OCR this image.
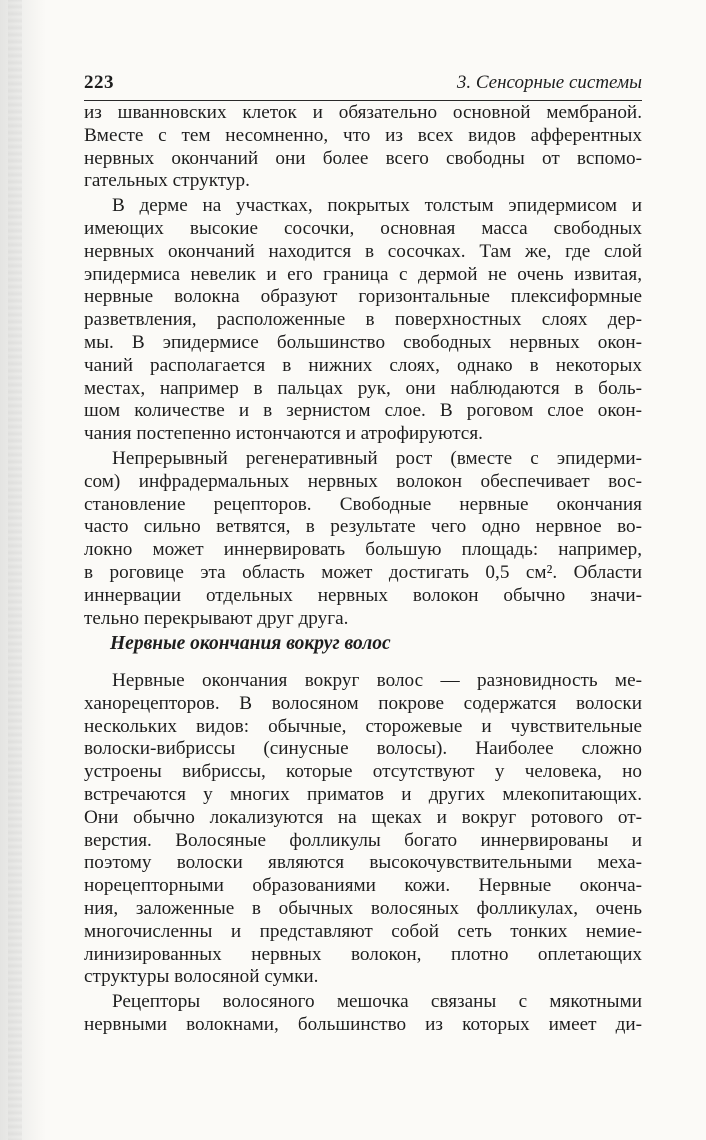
223	3. Сенсорные системы
из шванновских клеток и обязательно основной мембраной.
Вместе с тем несомненно, что из всех видов афферентных
нервных окончаний они более всего свободны от вспомо-
гательных структур.
В дерме на участках, покрытых толстым эпидермисом и
имеющих высокие сосочки, основная масса свободных
нервных окончаний находится в сосочках. Там же, где слой
эпидермиса невелик и его граница с дермой не очень извитая,
нервные волокна образуют горизонтальные плексиформные
разветвления, расположенные в поверхностных слоях дер-
мы. В эпидермисе большинство свободных нервных окон-
чаний располагается в нижних слоях, однако в некоторых
местах, например в пальцах рук, они наблюдаются в боль-
шом количестве и в зернистом слое. В роговом слое окон-
чания постепенно истончаются и атрофируются.
Непрерывный регенеративный рост (вместе с эпидерми-
сом) инфрадермальных нервных волокон обеспечивает вос-
становление рецепторов. Свободные нервные окончания
часто сильно ветвятся, в результате чего одно нервное во-
локно может иннервировать большую площадь: например,
в роговице эта область может достигать 0,5 см². Области
иннервации отдельных нервных волокон обычно значи-
тельно перекрывают друг друга.
Нервные окончания вокруг волос
Нервные окончания вокруг волос — разновидность ме-
ханорецепторов. В волосяном покрове содержатся волоски
нескольких видов: обычные, сторожевые и чувствительные
волоски-вибриссы (синусные волосы). Наиболее сложно
устроены вибриссы, которые отсутствуют у человека, но
встречаются у многих приматов и других млекопитающих.
Они обычно локализуются на щеках и вокруг ротового от-
верстия. Волосяные фолликулы богато иннервированы и
поэтому волоски являются высокочувствительными меха-
норецепторными образованиями кожи. Нервные оконча-
ния, заложенные в обычных волосяных фолликулах, очень
многочисленны и представляют собой сеть тонких немие-
линизированных нервных волокон, плотно оплетающих
структуры волосяной сумки.
Рецепторы волосяного мешочка связаны с мякотными
нервными волокнами, большинство из которых имеет ди-
